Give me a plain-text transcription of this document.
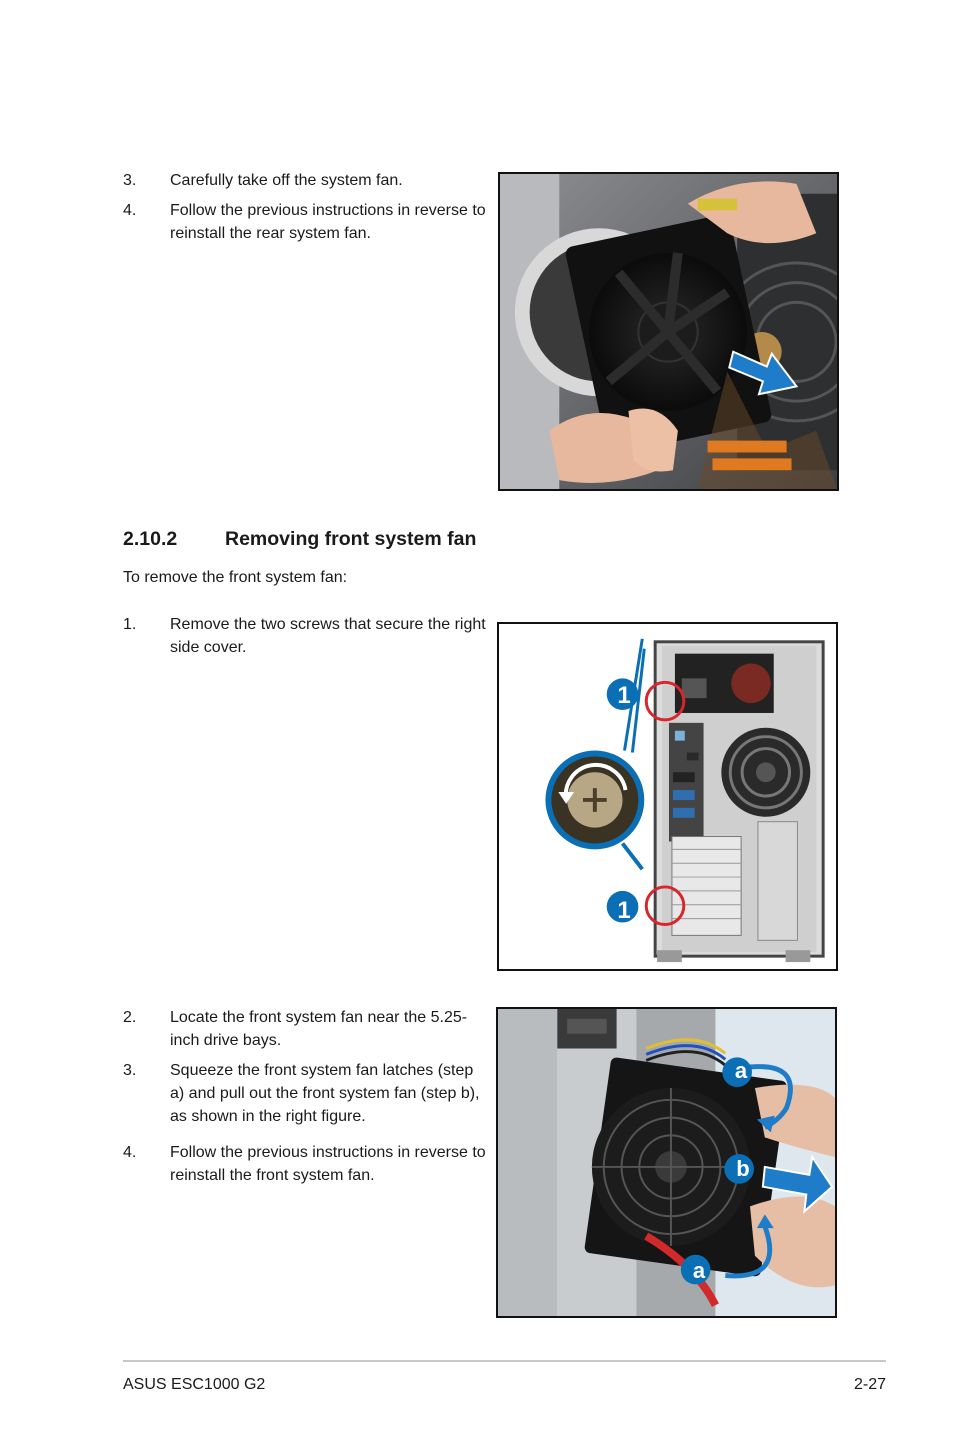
3.	Carefully take off the system fan.
4.	Follow the previous instructions in reverse to reinstall the rear system fan.
2.10.2 Removing front system fan
To remove the front system fan:
1.	Remove the two screws that secure the right side cover.
1
1
2.	Locate the front system fan near the 5.25-inch drive bays.
3.	Squeeze the front system fan latches (step a) and pull out the front system fan (step b), as shown in the right figure.
4.	Follow the previous instructions in reverse to reinstall the front system fan.
a
b
a
ASUS ESC1000 G2	2-27
